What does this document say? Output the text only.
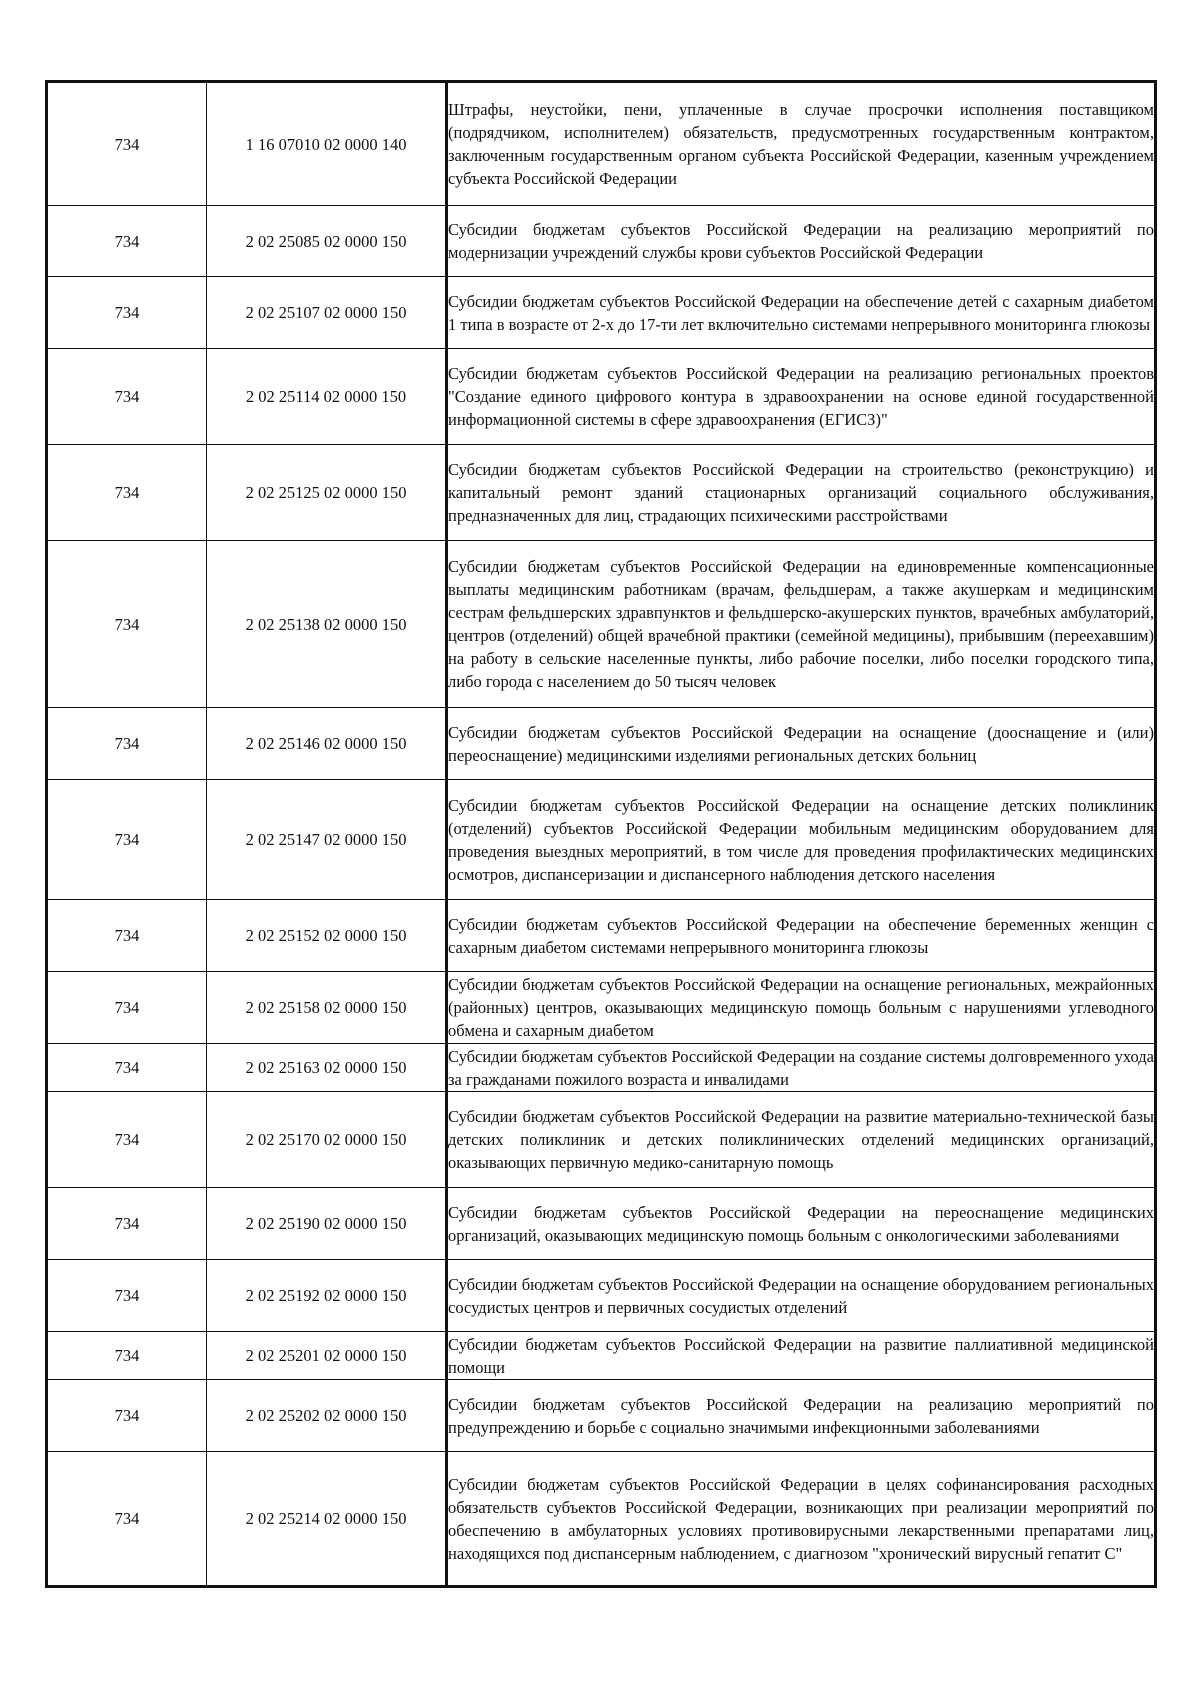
734	1 16 07010 02 0000 140	Штрафы, неустойки, пени, уплаченные в случае просрочки исполнения поставщиком (подрядчиком, исполнителем) обязательств, предусмотренных государственным контрактом, заключенным государственным органом субъекта Российской Федерации, казенным учреждением субъекта Российской Федерации
734	2 02 25085 02 0000 150	Субсидии бюджетам субъектов Российской Федерации на реализацию мероприятий по модернизации учреждений службы крови субъектов Российской Федерации
734	2 02 25107 02 0000 150	Субсидии бюджетам субъектов Российской Федерации на обеспечение детей с сахарным диабетом 1 типа в возрасте от 2-х до 17-ти лет включительно системами непрерывного мониторинга глюкозы
734	2 02 25114 02 0000 150	Субсидии бюджетам субъектов Российской Федерации на реализацию региональных проектов "Создание единого цифрового контура в здравоохранении на основе единой государственной информационной системы в сфере здравоохранения (ЕГИСЗ)"
734	2 02 25125 02 0000 150	Субсидии бюджетам субъектов Российской Федерации на строительство (реконструкцию) и капитальный ремонт зданий стационарных организаций социального обслуживания, предназначенных для лиц, страдающих психическими расстройствами
734	2 02 25138 02 0000 150	Субсидии бюджетам субъектов Российской Федерации на единовременные компенсационные выплаты медицинским работникам (врачам, фельдшерам, а также акушеркам и медицинским сестрам фельдшерских здравпунктов и фельдшерско-акушерских пунктов, врачебных амбулаторий, центров (отделений) общей врачебной практики (семейной медицины), прибывшим (переехавшим) на работу в сельские населенные пункты, либо рабочие поселки, либо поселки городского типа, либо города с населением до 50 тысяч человек
734	2 02 25146 02 0000 150	Субсидии бюджетам субъектов Российской Федерации на оснащение (дооснащение и (или) переоснащение) медицинскими изделиями региональных детских больниц
734	2 02 25147 02 0000 150	Субсидии бюджетам субъектов Российской Федерации на оснащение детских поликлиник (отделений) субъектов Российской Федерации мобильным медицинским оборудованием для проведения выездных мероприятий, в том числе для проведения профилактических медицинских осмотров, диспансеризации и диспансерного наблюдения детского населения
734	2 02 25152 02 0000 150	Субсидии бюджетам субъектов Российской Федерации на обеспечение беременных женщин с сахарным диабетом системами непрерывного мониторинга глюкозы
734	2 02 25158 02 0000 150	Субсидии бюджетам субъектов Российской Федерации на оснащение региональных, межрайонных (районных) центров, оказывающих медицинскую помощь больным с нарушениями углеводного обмена и сахарным диабетом
734	2 02 25163 02 0000 150	Субсидии бюджетам субъектов Российской Федерации на создание системы долговременного ухода за гражданами пожилого возраста и инвалидами
734	2 02 25170 02 0000 150	Субсидии бюджетам субъектов Российской Федерации на развитие материально-технической базы детских поликлиник и детских поликлинических отделений медицинских организаций, оказывающих первичную медико-санитарную помощь
734	2 02 25190 02 0000 150	Субсидии бюджетам субъектов Российской Федерации на переоснащение медицинских организаций, оказывающих медицинскую помощь больным с онкологическими заболеваниями
734	2 02 25192 02 0000 150	Субсидии бюджетам субъектов Российской Федерации на оснащение оборудованием региональных сосудистых центров и первичных сосудистых отделений
734	2 02 25201 02 0000 150	Субсидии бюджетам субъектов Российской Федерации на развитие паллиативной медицинской помощи
734	2 02 25202 02 0000 150	Субсидии бюджетам субъектов Российской Федерации на реализацию мероприятий по предупреждению и борьбе с социально значимыми инфекционными заболеваниями
734	2 02 25214 02 0000 150	Субсидии бюджетам субъектов Российской Федерации в целях софинансирования расходных обязательств субъектов Российской Федерации, возникающих при реализации мероприятий по обеспечению в амбулаторных условиях противовирусными лекарственными препаратами лиц, находящихся под диспансерным наблюдением, с диагнозом "хронический вирусный гепатит С"
